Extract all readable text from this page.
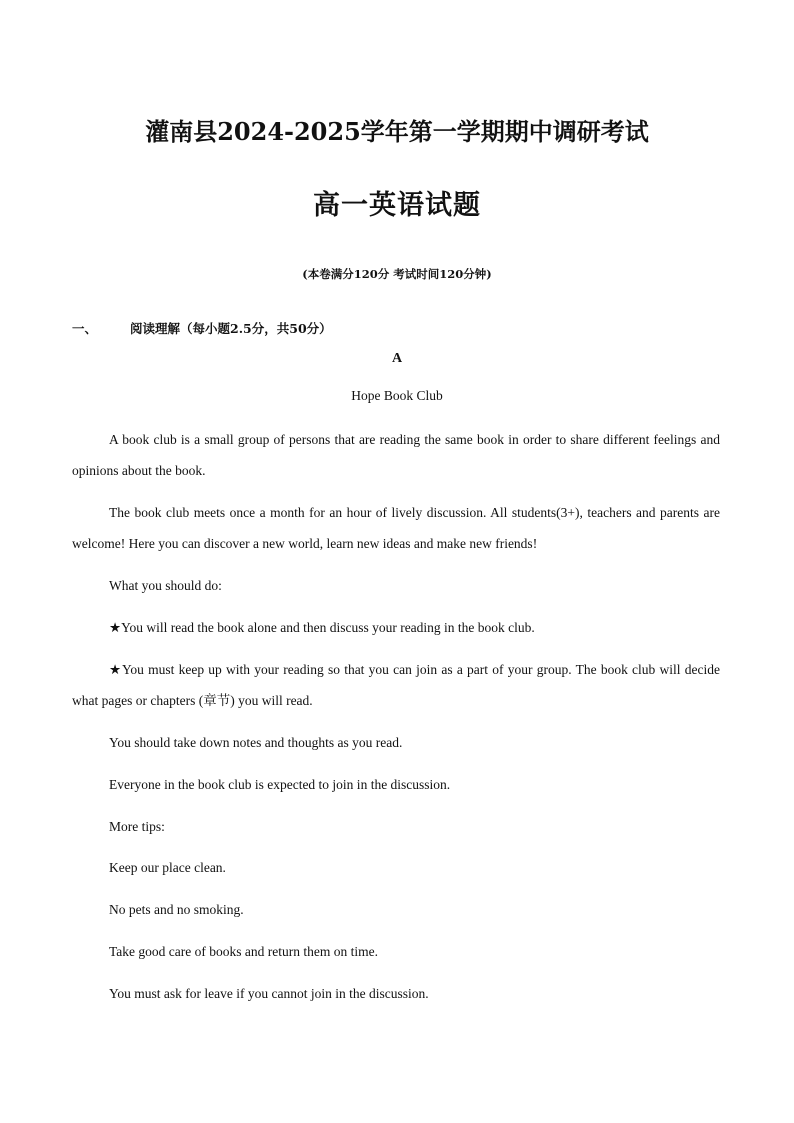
灌南县2024-2025学年第一学期期中调研考试
高一英语试题
(本卷满分120分 考试时间120分钟)
一、	阅读理解（每小题2.5分，共50分）
A
Hope Book Club

A book club is a small group of persons that are reading the same book in order to share different feelings and opinions about the book.

The book club meets once a month for an hour of lively discussion. All students(3+), teachers and parents are welcome! Here you can discover a new world, learn new ideas and make new friends!

What you should do:

★You will read the book alone and then discuss your reading in the book club.

★You must keep up with your reading so that you can join as a part of your group. The book club will decide what pages or chapters (章节) you will read.

You should take down notes and thoughts as you read.

Everyone in the book club is expected to join in the discussion.

More tips:

Keep our place clean.

No pets and no smoking.

Take good care of books and return them on time.

You must ask for leave if you cannot join in the discussion.
